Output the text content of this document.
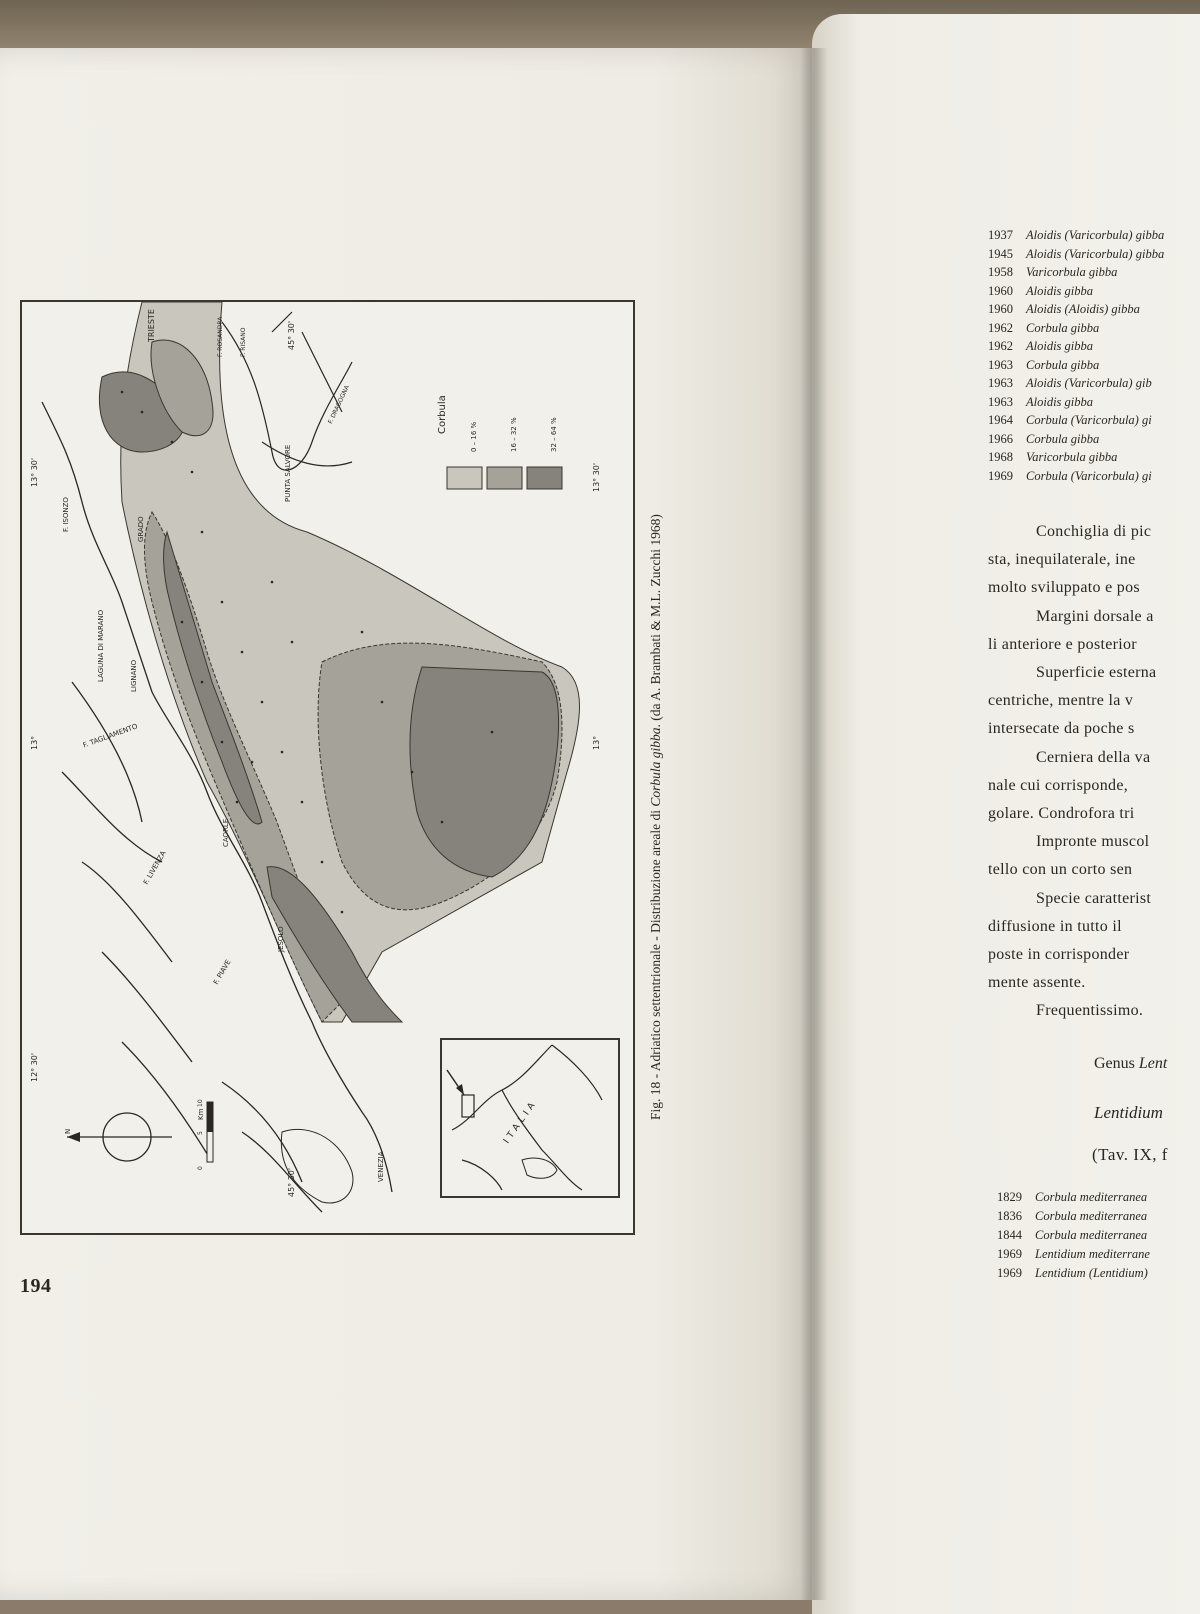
Corbula
0 – 16 %	16 – 32 %	32 – 64 %
TRIESTE
GRADO
LAGUNA DI MARANO	LIGNANO
CAORLE
JESOLO
VENEZIA
PUNTA SALVORE
F. ISONZO
F. TAGLIAMENTO
F. LIVENZA
F. PIAVE
F. DRAGOGNA
F. RISANO
F. ROSANDRA	45° 30'
45° 30'
13° 30'	13° 30'
13°	13°
12° 30'
N
Km
0
5
10	ITALIA
Fig. 18 - Adriatico settentrionale - Distribuzione areale di Corbula gibba. (da A. Brambati & M.L. Zucchi 1968)
194
1937 Aloidis (Varicorbula) gibba
1945 Aloidis (Varicorbula) gibba
1958 Varicorbula gibba
1960 Aloidis gibba
1960 Aloidis (Aloidis) gibba
1962 Corbula gibba
1962 Aloidis gibba
1963 Corbula gibba
1963 Aloidis (Varicorbula) gib
1963 Aloidis gibba
1964 Corbula (Varicorbula) gi
1966 Corbula gibba
1968 Varicorbula gibba
1969 Corbula (Varicorbula) gi
Conchiglia di pic
sta, inequilaterale, ine
molto sviluppato e pos
Margini dorsale a
li anteriore e posterior
Superficie esterna
centriche, mentre la v
intersecate da poche s
Cerniera della va
nale cui corrisponde,
golare. Condrofora tri
Impronte muscol
tello con un corto sen
Specie caratterist
diffusione in tutto il
poste in corrisponder
mente assente.
Frequentissimo.
Genus Lent
Lentidium
(Tav. IX, f
1829 Corbula mediterranea
1836 Corbula mediterranea
1844 Corbula mediterranea
1969 Lentidium mediterrane
1969 Lentidium (Lentidium)
